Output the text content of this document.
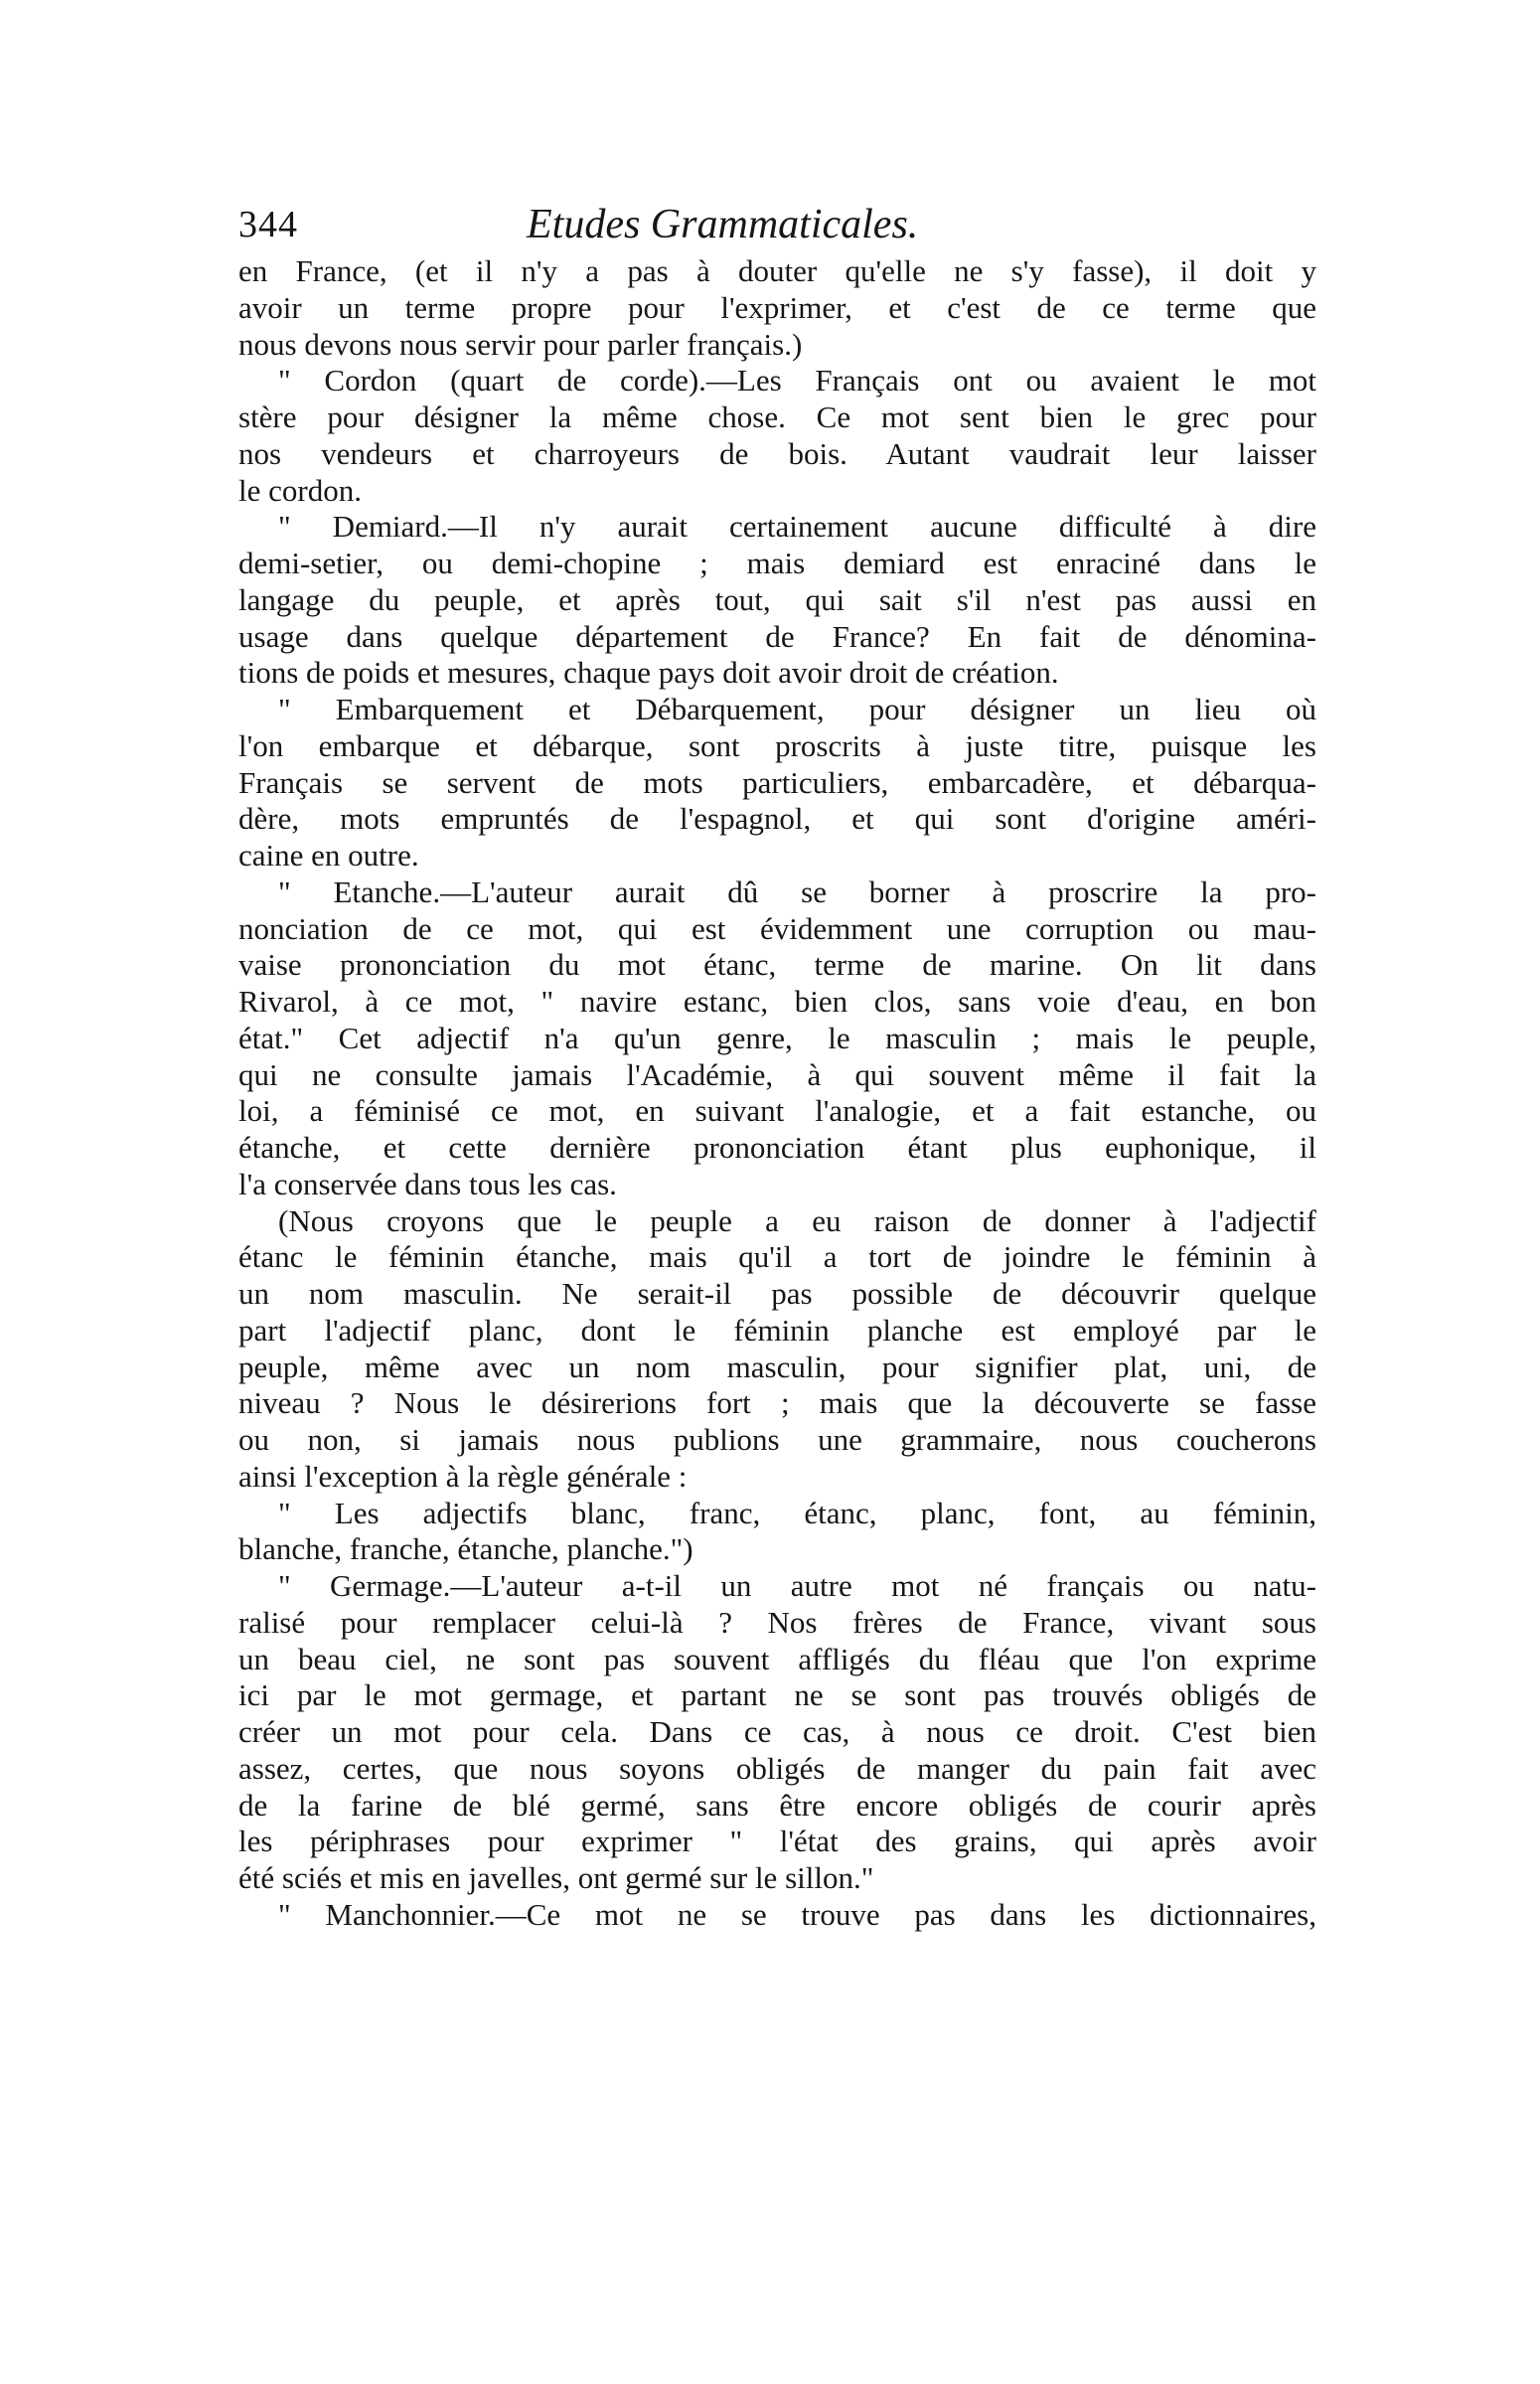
344	Etudes Grammaticales.
en France, (et il n'y a pas à douter qu'elle ne s'y fasse), il doit y
avoir un terme propre pour l'exprimer, et c'est de ce terme que
nous devons nous servir pour parler français.)
" Cordon (quart de corde).—Les Français ont ou avaient le mot
stère pour désigner la même chose. Ce mot sent bien le grec pour
nos vendeurs et charroyeurs de bois. Autant vaudrait leur laisser
le cordon.
" Demiard.—Il n'y aurait certainement aucune difficulté à dire
demi-setier, ou demi-chopine ; mais demiard est enraciné dans le
langage du peuple, et après tout, qui sait s'il n'est pas aussi en
usage dans quelque département de France? En fait de dénomina-
tions de poids et mesures, chaque pays doit avoir droit de création.
" Embarquement et Débarquement, pour désigner un lieu où
l'on embarque et débarque, sont proscrits à juste titre, puisque les
Français se servent de mots particuliers, embarcadère, et débarqua-
dère, mots empruntés de l'espagnol, et qui sont d'origine améri-
caine en outre.
" Etanche.—L'auteur aurait dû se borner à proscrire la pro-
nonciation de ce mot, qui est évidemment une corruption ou mau-
vaise prononciation du mot étanc, terme de marine. On lit dans
Rivarol, à ce mot, " navire estanc, bien clos, sans voie d'eau, en bon
état." Cet adjectif n'a qu'un genre, le masculin ; mais le peuple,
qui ne consulte jamais l'Académie, à qui souvent même il fait la
loi, a féminisé ce mot, en suivant l'analogie, et a fait estanche, ou
étanche, et cette dernière prononciation étant plus euphonique, il
l'a conservée dans tous les cas.
(Nous croyons que le peuple a eu raison de donner à l'adjectif
étanc le féminin étanche, mais qu'il a tort de joindre le féminin à
un nom masculin. Ne serait-il pas possible de découvrir quelque
part l'adjectif planc, dont le féminin planche est employé par le
peuple, même avec un nom masculin, pour signifier plat, uni, de
niveau ? Nous le désirerions fort ; mais que la découverte se fasse
ou non, si jamais nous publions une grammaire, nous coucherons
ainsi l'exception à la règle générale :
" Les adjectifs blanc, franc, étanc, planc, font, au féminin,
blanche, franche, étanche, planche.")
" Germage.—L'auteur a-t-il un autre mot né français ou natu-
ralisé pour remplacer celui-là ? Nos frères de France, vivant sous
un beau ciel, ne sont pas souvent affligés du fléau que l'on exprime
ici par le mot germage, et partant ne se sont pas trouvés obligés de
créer un mot pour cela. Dans ce cas, à nous ce droit. C'est bien
assez, certes, que nous soyons obligés de manger du pain fait avec
de la farine de blé germé, sans être encore obligés de courir après
les périphrases pour exprimer " l'état des grains, qui après avoir
été sciés et mis en javelles, ont germé sur le sillon."
" Manchonnier.—Ce mot ne se trouve pas dans les dictionnaires,
